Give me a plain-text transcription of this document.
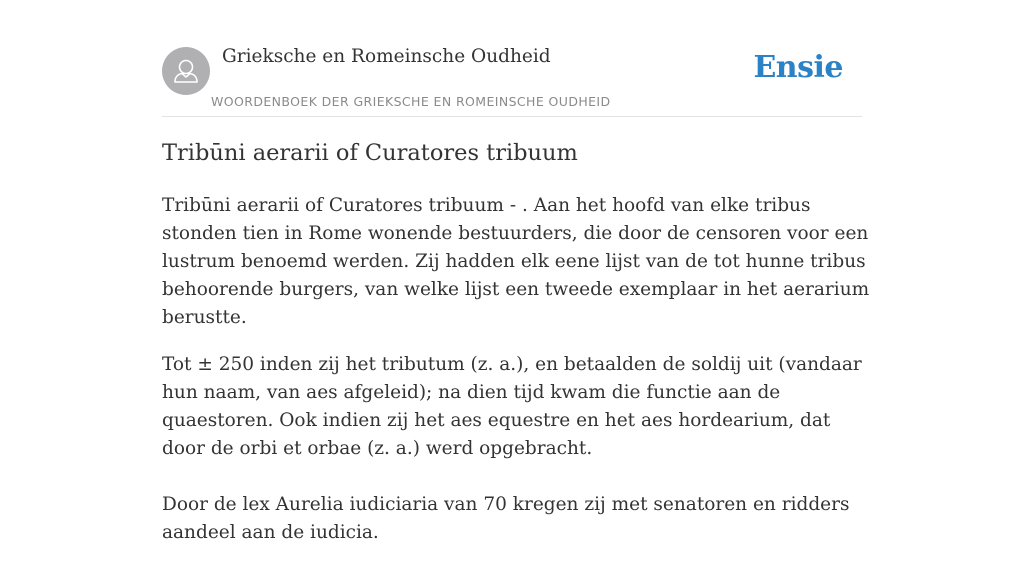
Grieksche en Romeinsche Oudheid
WOORDENBOEK DER GRIEKSCHE EN ROMEINSCHE OUDHEID
Ensie
Tribūni aerarii of Curatores tribuum

Tribūni aerarii of Curatores tribuum - . Aan het hoofd van elke tribus stonden tien in Rome wonende bestuurders, die door de censoren voor een lustrum benoemd werden. Zij hadden elk eene lijst van de tot hunne tribus behoorende burgers, van welke lijst een tweede exemplaar in het aerarium berustte.

Tot ± 250 inden zij het tributum (z. a.), en betaalden de soldij uit (vandaar hun naam, van aes afgeleid); na dien tijd kwam die functie aan de quaestoren. Ook indien zij het aes equestre en het aes hordearium, dat door de orbi et orbae (z. a.) werd opgebracht.

Door de lex Aurelia iudiciaria van 70 kregen zij met senatoren en ridders aandeel aan de iudicia.
